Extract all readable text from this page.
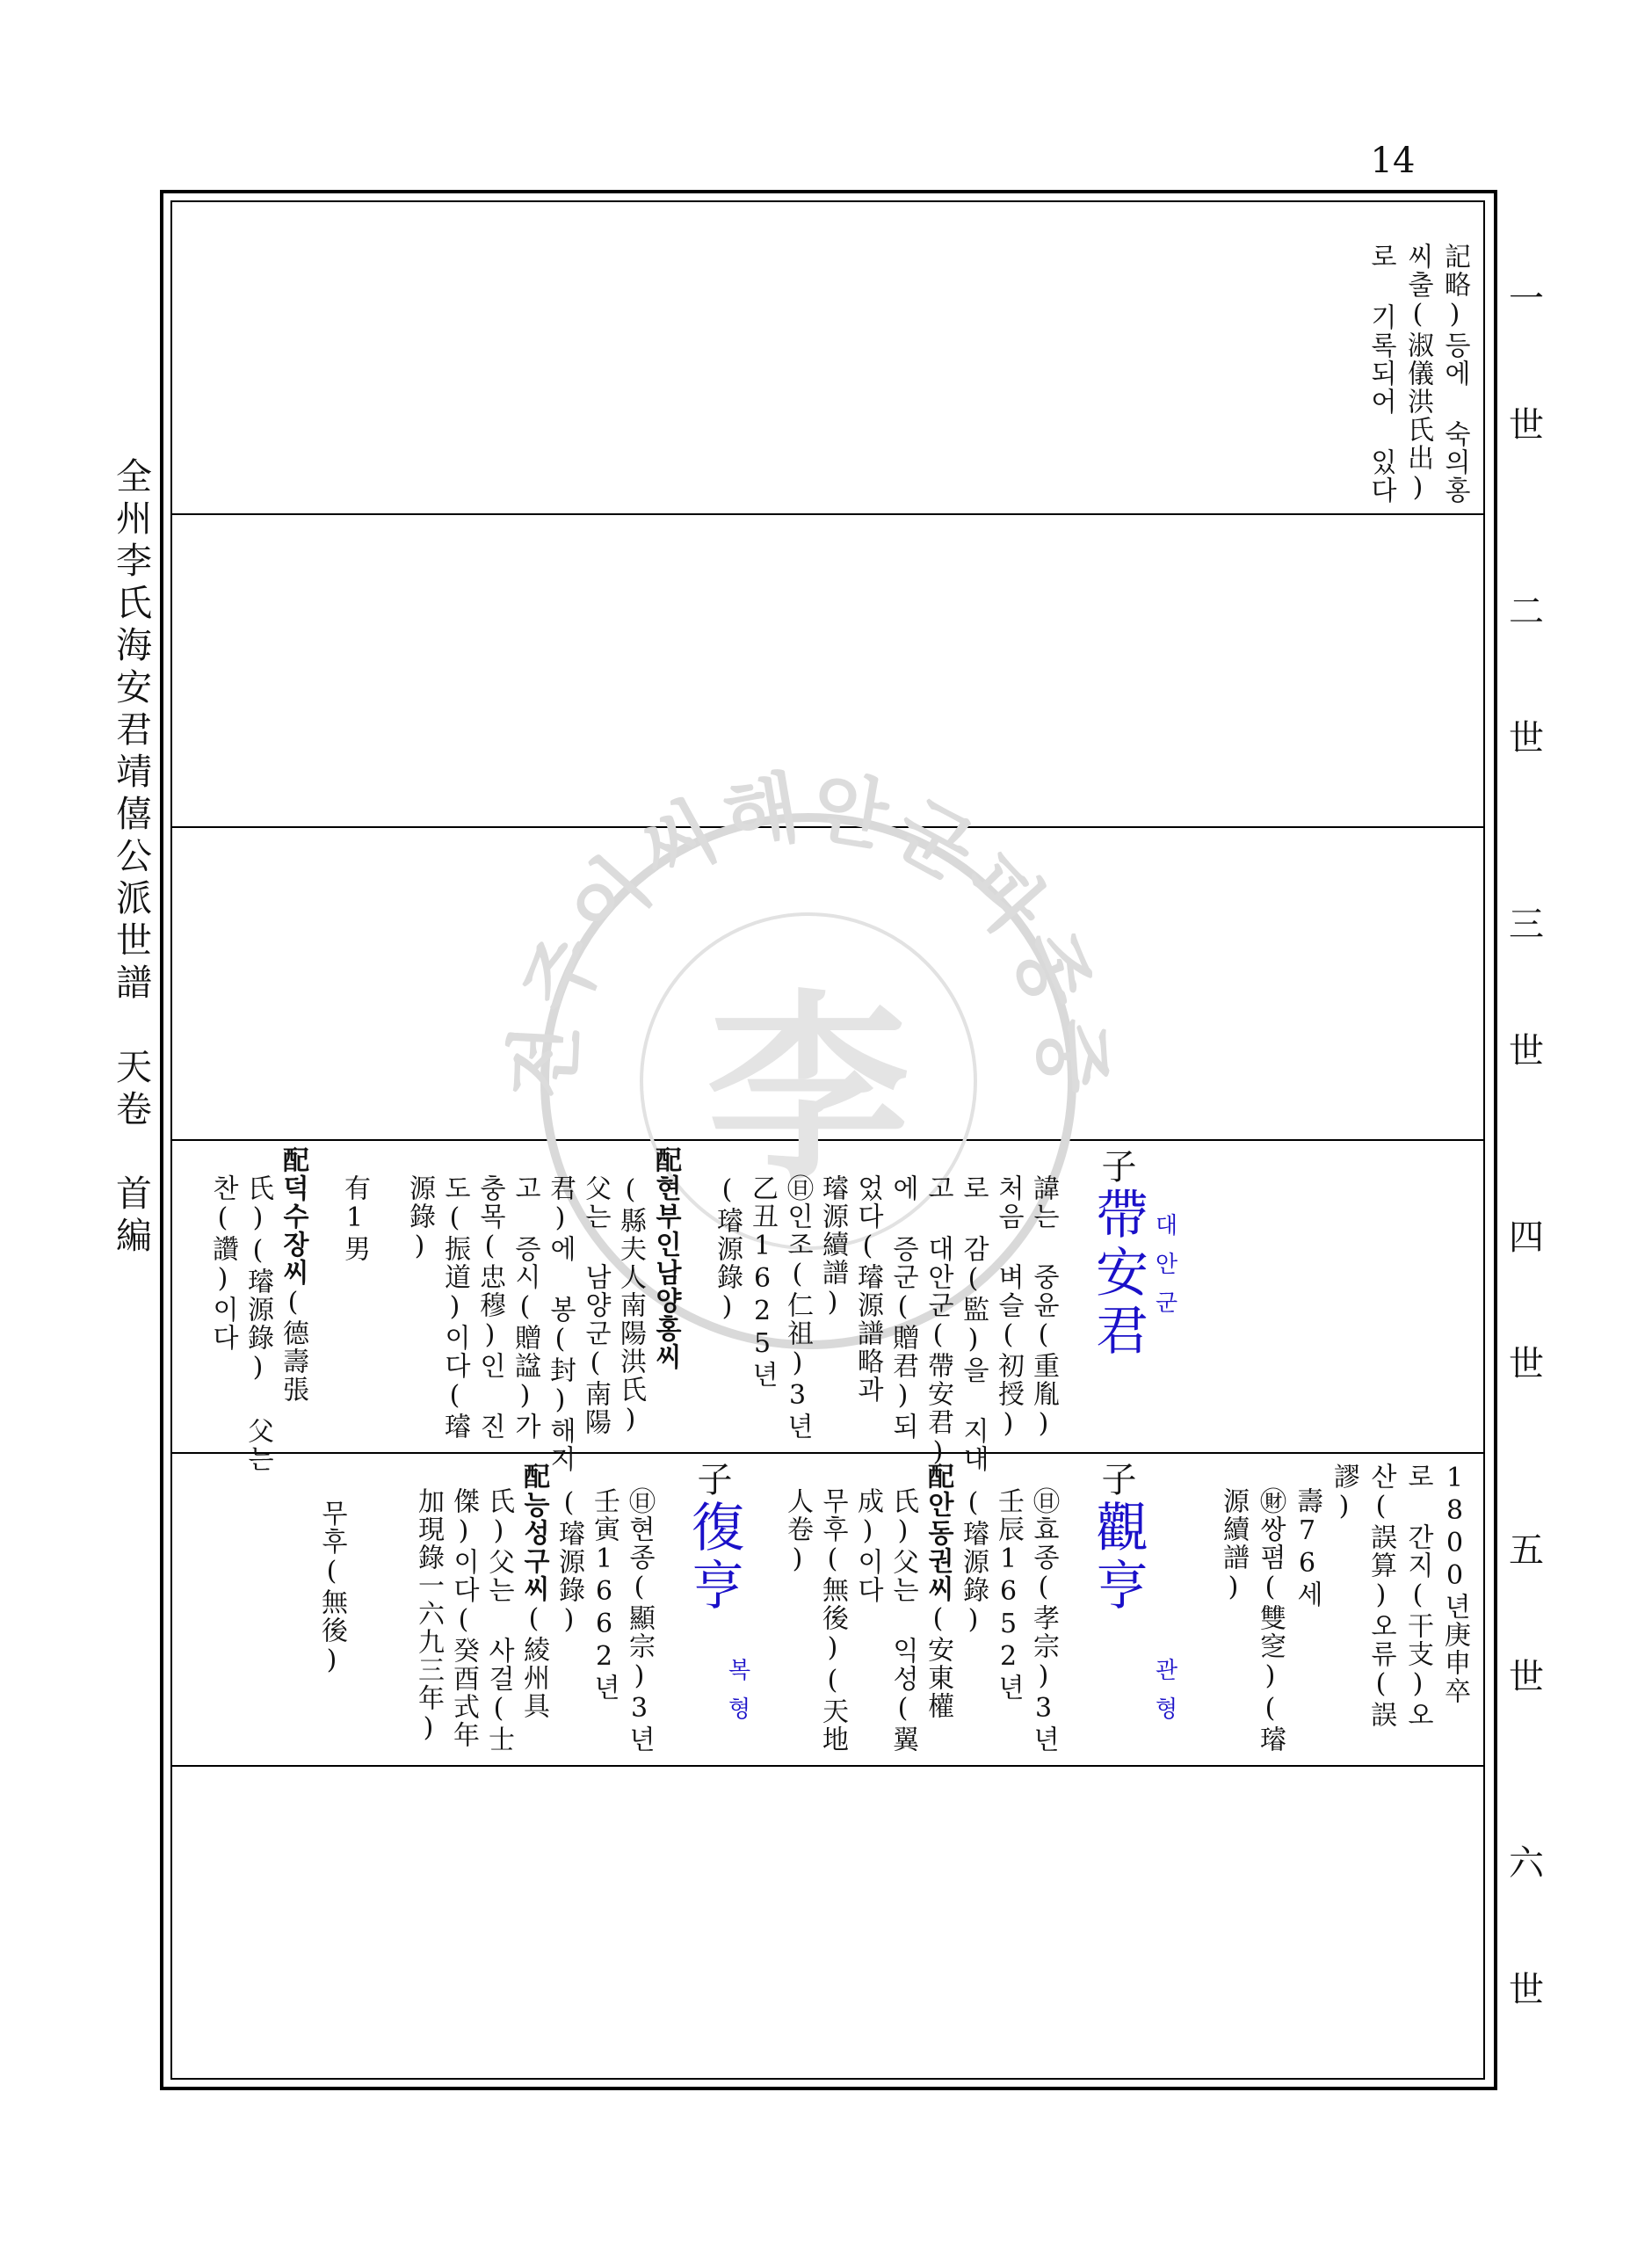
14
全州李氏海安君靖僖公派世譜　天卷　首編	전주이씨해안군파종중
李
一
世
二
世
三
世
四
世
五
世
六
世
記略)등에 숙의홍
씨출(淑儀洪氏出)
로 기록되어 있다
子
帶安君 대안군
諱는 중윤(重胤)
처음 벼슬(初授)
로 감(監)을 지내
고 대안군(帶安君)
에 증군(贈君)되
었다(璿源譜略과
璿源續譜)
㊐인조(仁祖)3년
乙丑1625년
(璿源錄)
配현부인남양홍씨
(縣夫人南陽洪氏)
父는 남양군(南陽
君)에 봉(封)해지
고 증시(贈諡)가
충목(忠穆)인 진
도(振道)이다(璿
源錄)
有1男
配덕수장씨(德壽張
氏)(璿源錄) 父는
찬(讚)이다
1800년庚申卒
로 간지(干支)오
산(誤算)오류(誤
謬)
壽76세
㊖쌍폄(雙窆)(璿
源續譜)
子
觀亨
관형
㊐효종(孝宗)3년
壬辰1652년
(璿源錄)
配안동권씨(安東權
氏)父는 익성(翼
成)이다
무후(無後)(天地
人卷)
子
復亨
복형
㊐현종(顯宗)3년
壬寅1662년
(璿源錄)
配능성구씨(綾州具
氏)父는 사걸(士
傑)이다(癸酉式年
加現錄一六九三年)
무후(無後)
